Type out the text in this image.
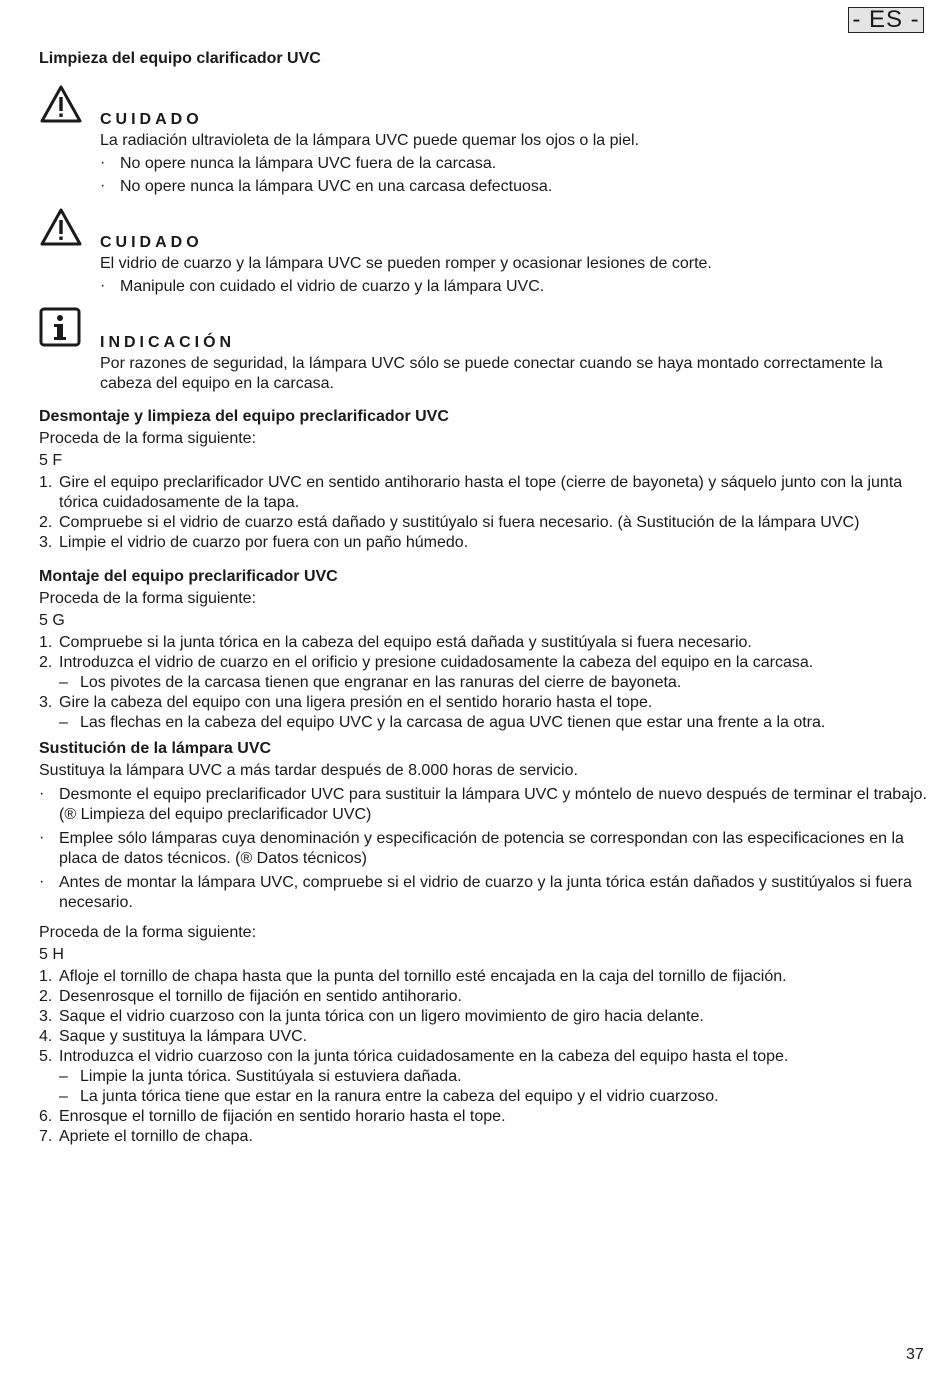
- ES -
Limpieza del equipo clarificador UVC
CUIDADO
La radiación ultravioleta de la lámpara UVC puede quemar los ojos o la piel.
· No opere nunca la lámpara UVC fuera de la carcasa.
· No opere nunca la lámpara UVC en una carcasa defectuosa.
CUIDADO
El vidrio de cuarzo y la lámpara UVC se pueden romper y ocasionar lesiones de corte.
· Manipule con cuidado el vidrio de cuarzo y la lámpara UVC.
INDICACIÓN
Por razones de seguridad, la lámpara UVC sólo se puede conectar cuando se haya montado correctamente la cabeza del equipo en la carcasa.
Desmontaje y limpieza del equipo preclarificador UVC
Proceda de la forma siguiente:
5 F
1. Gire el equipo preclarificador UVC en sentido antihorario hasta el tope (cierre de bayoneta) y sáquelo junto con la junta tórica cuidadosamente de la tapa.
2. Compruebe si el vidrio de cuarzo está dañado y sustitúyalo si fuera necesario. (à Sustitución de la lámpara UVC)
3. Limpie el vidrio de cuarzo por fuera con un paño húmedo.
Montaje del equipo preclarificador UVC
Proceda de la forma siguiente:
5 G
1. Compruebe si la junta tórica en la cabeza del equipo está dañada y sustitúyala si fuera necesario.
2. Introduzca el vidrio de cuarzo en el orificio y presione cuidadosamente la cabeza del equipo en la carcasa.
– Los pivotes de la carcasa tienen que engranar en las ranuras del cierre de bayoneta.
3. Gire la cabeza del equipo con una ligera presión en el sentido horario hasta el tope.
– Las flechas en la cabeza del equipo UVC y la carcasa de agua UVC tienen que estar una frente a la otra.
Sustitución de la lámpara UVC
Sustituya la lámpara UVC a más tardar después de 8.000 horas de servicio.
· Desmonte el equipo preclarificador UVC para sustituir la lámpara UVC y móntelo de nuevo después de terminar el trabajo. (® Limpieza del equipo preclarificador UVC)
· Emplee sólo lámparas cuya denominación y especificación de potencia se correspondan con las especificaciones en la placa de datos técnicos. (® Datos técnicos)
· Antes de montar la lámpara UVC, compruebe si el vidrio de cuarzo y la junta tórica están dañados y sustitúyalos si fuera necesario.
Proceda de la forma siguiente:
5 H
1. Afloje el tornillo de chapa hasta que la punta del tornillo esté encajada en la caja del tornillo de fijación.
2. Desenrosque el tornillo de fijación en sentido antihorario.
3. Saque el vidrio cuarzoso con la junta tórica con un ligero movimiento de giro hacia delante.
4. Saque y sustituya la lámpara UVC.
5. Introduzca el vidrio cuarzoso con la junta tórica cuidadosamente en la cabeza del equipo hasta el tope.
– Limpie la junta tórica. Sustitúyala si estuviera dañada.
– La junta tórica tiene que estar en la ranura entre la cabeza del equipo y el vidrio cuarzoso.
6. Enrosque el tornillo de fijación en sentido horario hasta el tope.
7. Apriete el tornillo de chapa.
37
